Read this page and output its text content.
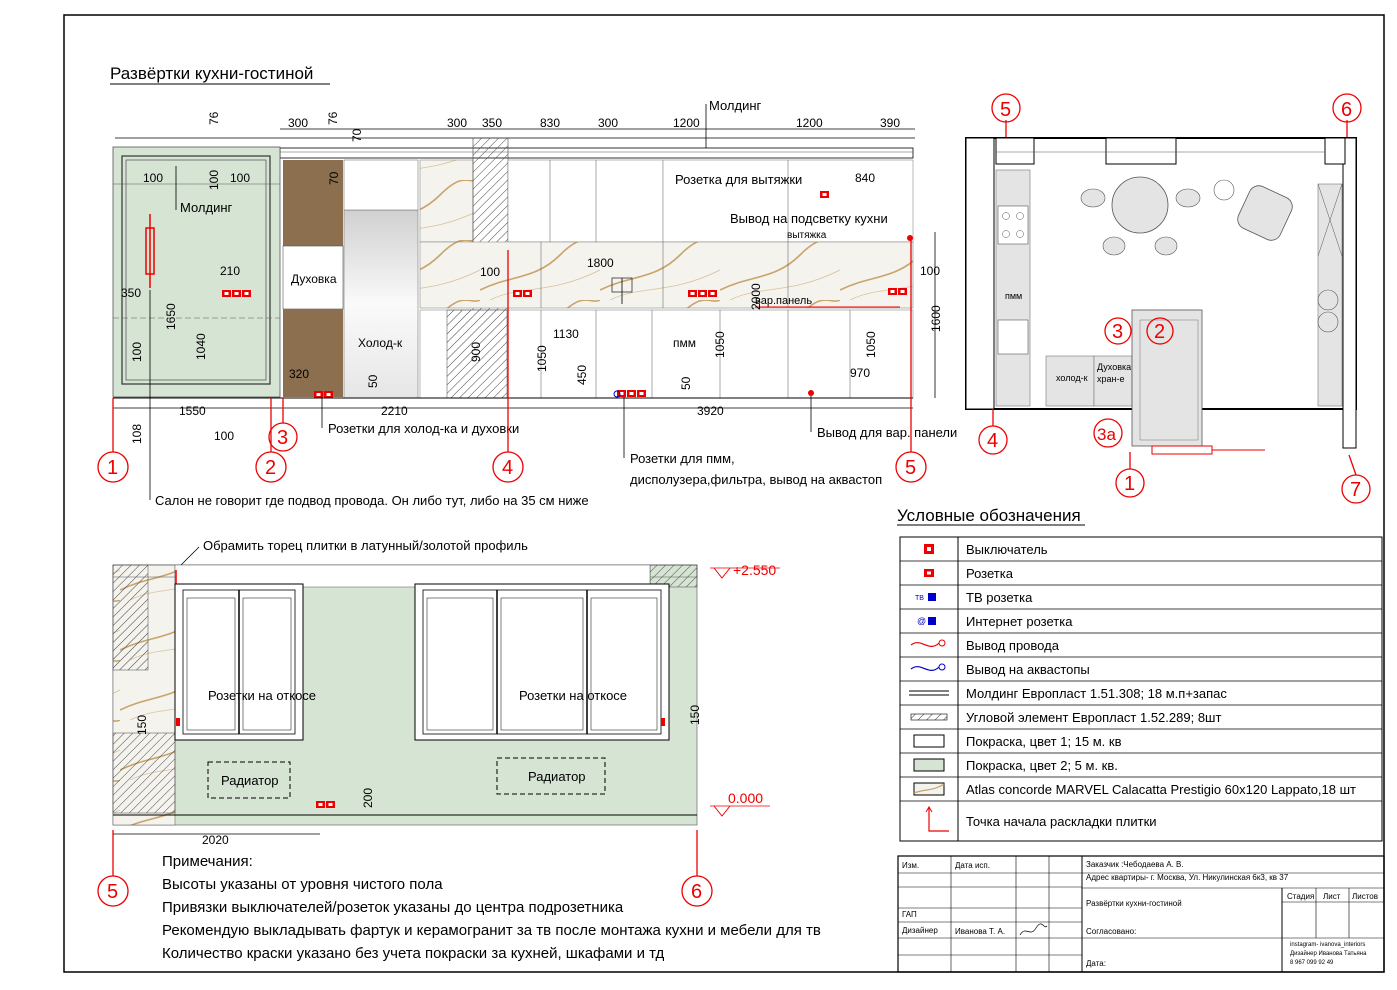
Развёртки кухни-гостиной
300	300 350	830	300	1200	1200	390
76	76
70
Молдинг
100	100
100
Молдинг
210
350
1650
1040
100
Духовка
70
320
Холод-к
50
пмм
Розетка для вытяжки	840
Вывод на подсветку кухни
вытяжка
вар.панель
1800
100	100
1130
900	1050
450
1050
50
2000
1050
970
1600
1550	2210	3920
108	100	Розетки для холод-ка и духовки
Розетки для пмм,
дисполузера,фильтра, вывод на аквастоп
Вывод для вар. панели
Салон не говорит где подвод провода. Он либо тут, либо на 35 см ниже
1	2
3
4	5
5	6
пмм
холод-к
Духовка
хран-е
3 2
1
4	3а
7
Условные обозначения
Выключатель
Розетка
ТВ	ТВ розетка
@	Интернет розетка
Вывод провода
Вывод на аквастопы
Молдинг Европласт 1.51.308; 18 м.п+запас
Угловой элемент Европласт 1.52.289; 8шт
Покраска, цвет 1; 15 м. кв
Покраска, цвет 2; 5 м. кв.
Atlas concorde MARVEL Calacatta Prestigio 60x120 Lappato,18 шт
Точка начала раскладки плитки
Обрамить торец плитки в латунный/золотой профиль
Розетки на откосе	Розетки на откосе
150	150
Радиатор	Радиатор
200
2020
+2.550
0.000
5	6
Примечания:
Высоты указаны от уровня чистого пола
Привязки выключателей/розеток указаны до центра подрозетника
Рекомендую выкладывать фартук и керамогранит за тв после монтажа кухни и мебели для тв
Количество краски указано без учета покраски за кухней, шкафами и тд
Изм.	Дата исп.
ГАП
Дизайнер Иванова Т. А.
Заказчик :Чебодаева А. В.
Адрес квартиры- г. Москва, Ул. Никулинская 6к3, кв 37
Развёртки кухни-гостиной
Стадия Лист Листов
Согласовано:
Дата:
instagram- ivanova_interiors
Дизайнер Иванова Татьяна
8 967 099 92 49
